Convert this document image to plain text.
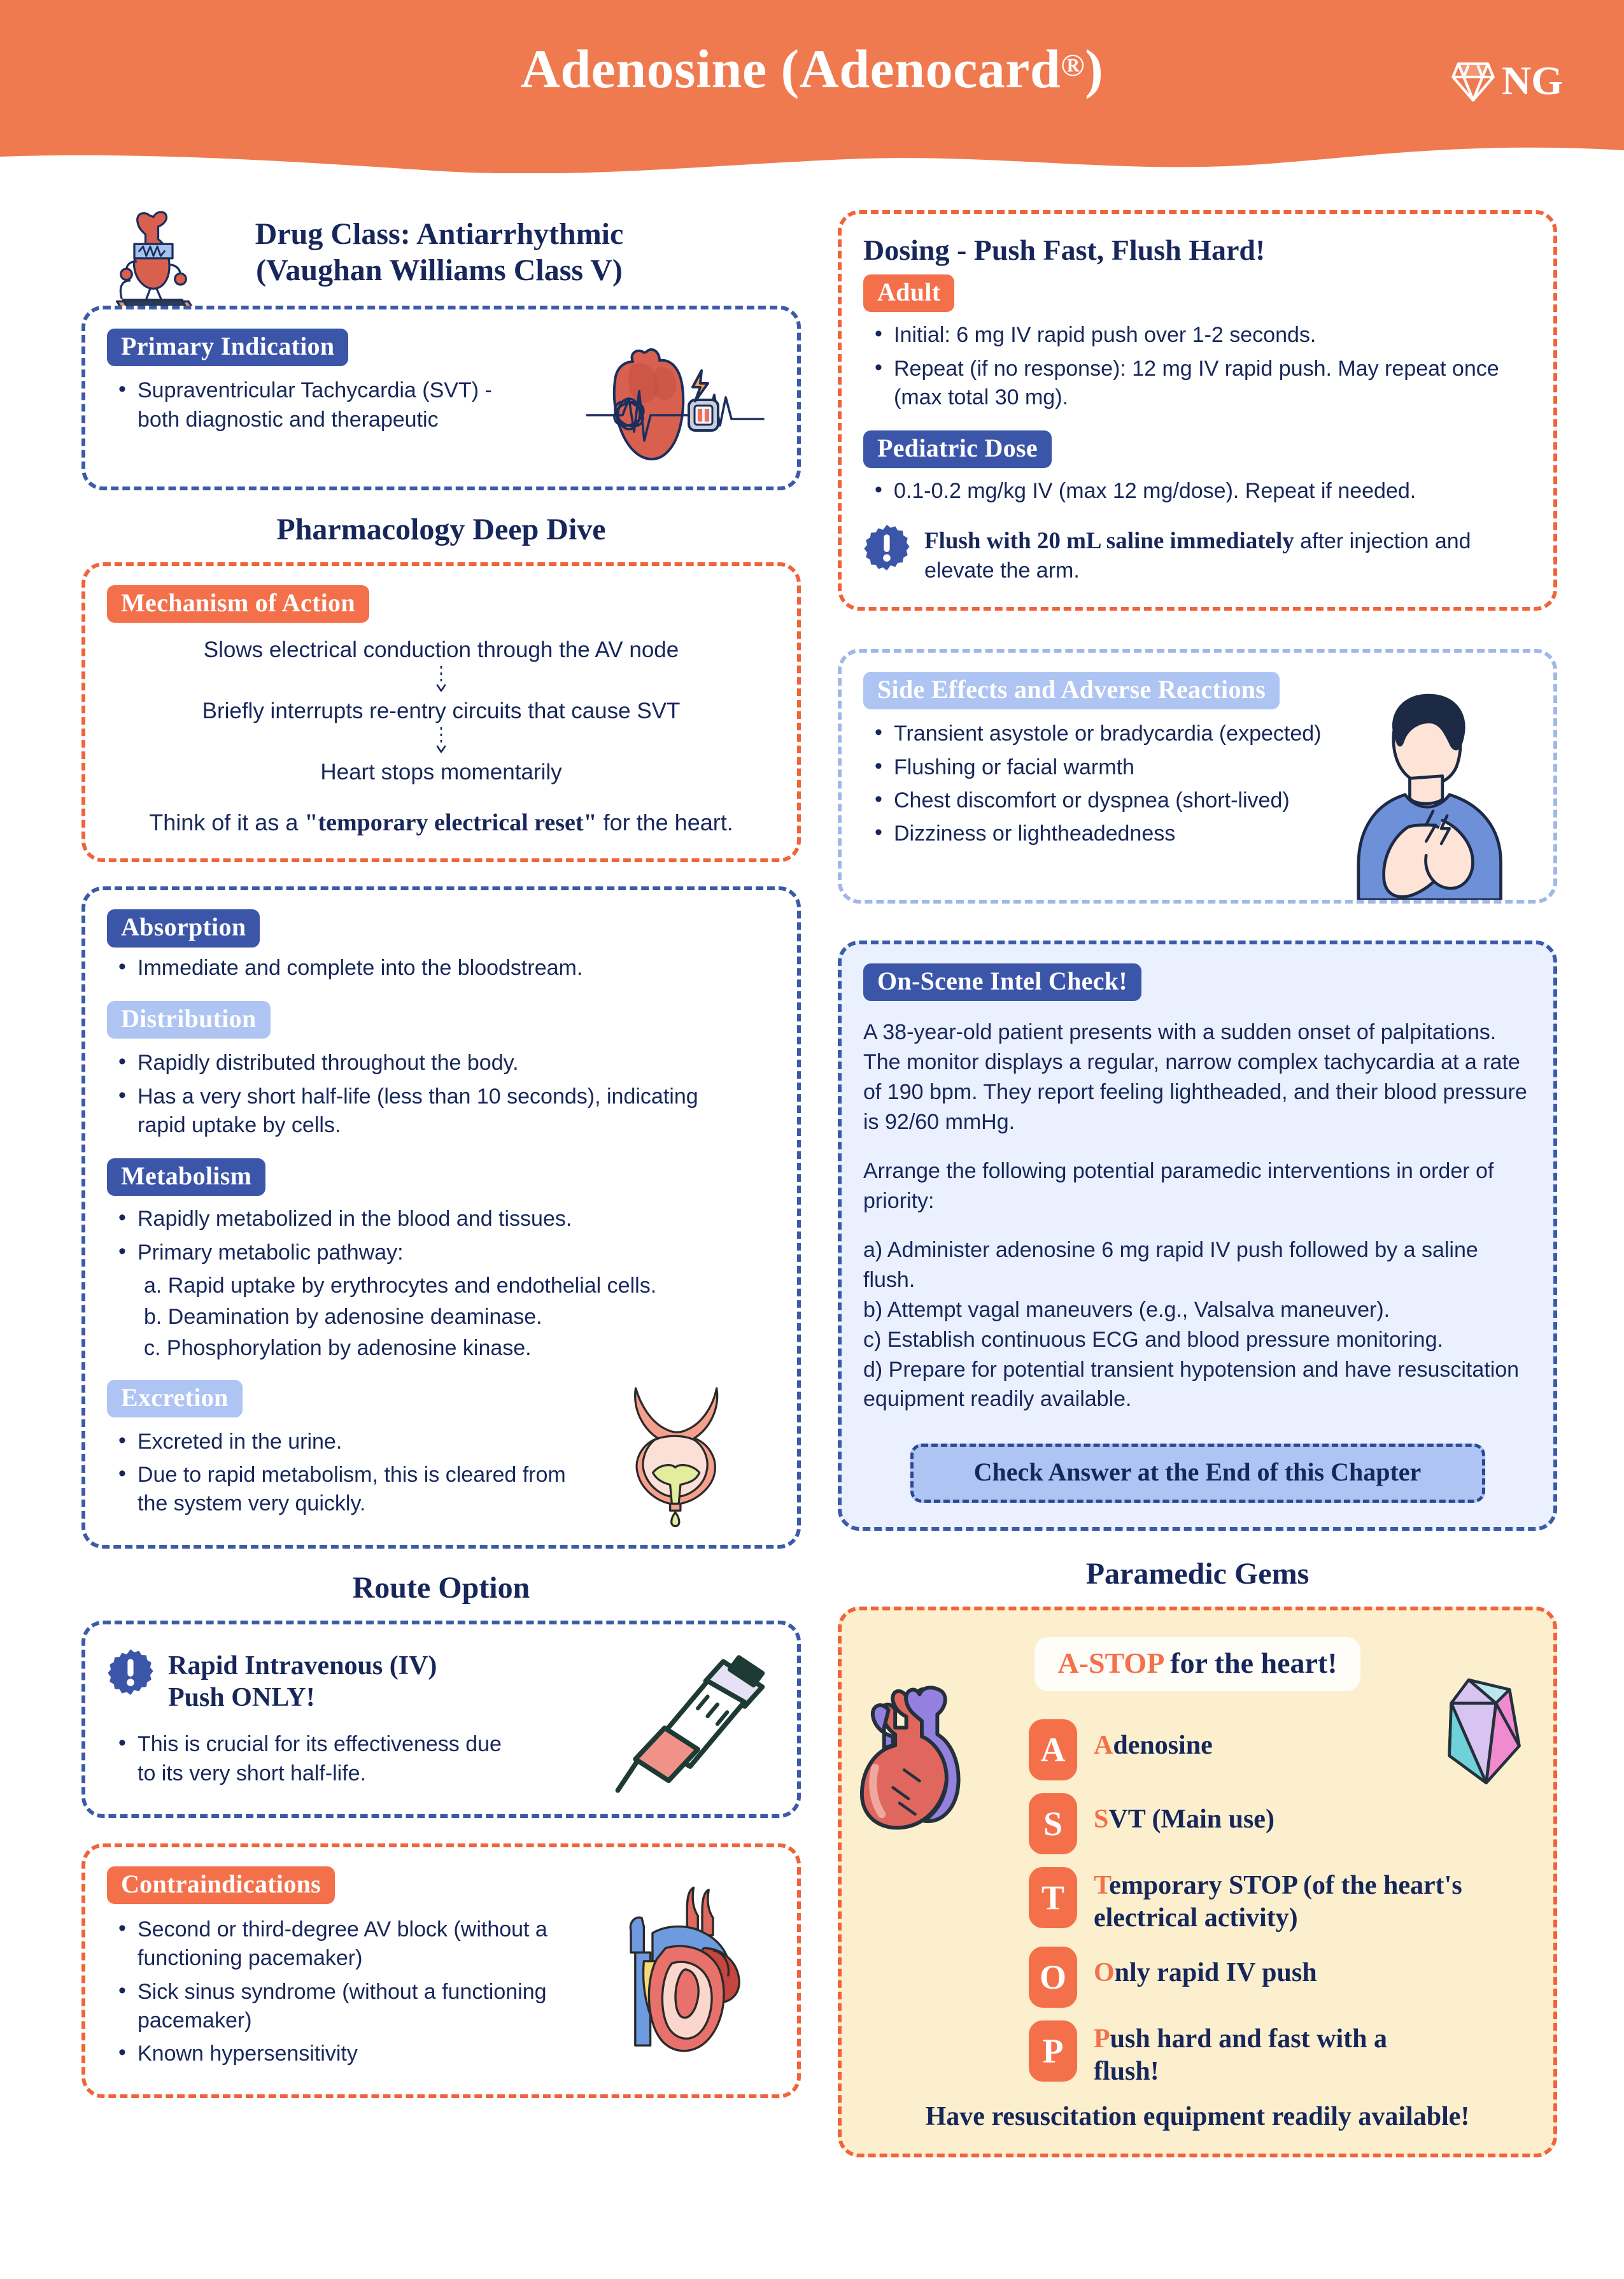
Adenosine (Adenocard®)	NG
Drug Class: Antiarrhythmic
(Vaughan Williams Class V)
Primary Indication
• Supraventricular Tachycardia (SVT) - both diagnostic and therapeutic
Pharmacology Deep Dive
Mechanism of Action
Slows electrical conduction through the AV node
Briefly interrupts re-entry circuits that cause SVT
Heart stops momentarily
Think of it as a "temporary electrical reset" for the heart.
Absorption
• Immediate and complete into the bloodstream.
Distribution
• Rapidly distributed throughout the body.
• Has a very short half-life (less than 10 seconds), indicating rapid uptake by cells.
Metabolism
• Rapidly metabolized in the blood and tissues.
• Primary metabolic pathway:
a. Rapid uptake by erythrocytes and endothelial cells.
b. Deamination by adenosine deaminase.
c. Phosphorylation by adenosine kinase.
Excretion
• Excreted in the urine.
• Due to rapid metabolism, this is cleared from the system very quickly.
Route Option
Rapid Intravenous (IV)
Push ONLY!
• This is crucial for its effectiveness due to its very short half-life.
Contraindications
• Second or third-degree AV block (without a functioning pacemaker)
• Sick sinus syndrome (without a functioning pacemaker)
• Known hypersensitivity
Dosing - Push Fast, Flush Hard!
Adult
• Initial: 6 mg IV rapid push over 1-2 seconds.
• Repeat (if no response): 12 mg IV rapid push. May repeat once (max total 30 mg).
Pediatric Dose
• 0.1-0.2 mg/kg IV (max 12 mg/dose). Repeat if needed.
Flush with 20 mL saline immediately after injection and elevate the arm.
Side Effects and Adverse Reactions
• Transient asystole or bradycardia (expected)
• Flushing or facial warmth
• Chest discomfort or dyspnea (short-lived)
• Dizziness or lightheadedness
On-Scene Intel Check!
A 38-year-old patient presents with a sudden onset of palpitations. The monitor displays a regular, narrow complex tachycardia at a rate of 190 bpm. They report feeling lightheaded, and their blood pressure is 92/60 mmHg.
Arrange the following potential paramedic interventions in order of priority:
a) Administer adenosine 6 mg rapid IV push followed by a saline flush.
b) Attempt vagal maneuvers (e.g., Valsalva maneuver).
c) Establish continuous ECG and blood pressure monitoring.
d) Prepare for potential transient hypotension and have resuscitation equipment readily available.
Check Answer at the End of this Chapter
Paramedic Gems
A-STOP for the heart!
A	Adenosine
S	SVT (Main use)
T	Temporary STOP (of the heart's electrical activity)
O	Only rapid IV push
P	Push hard and fast with a flush!
Have resuscitation equipment readily available!
